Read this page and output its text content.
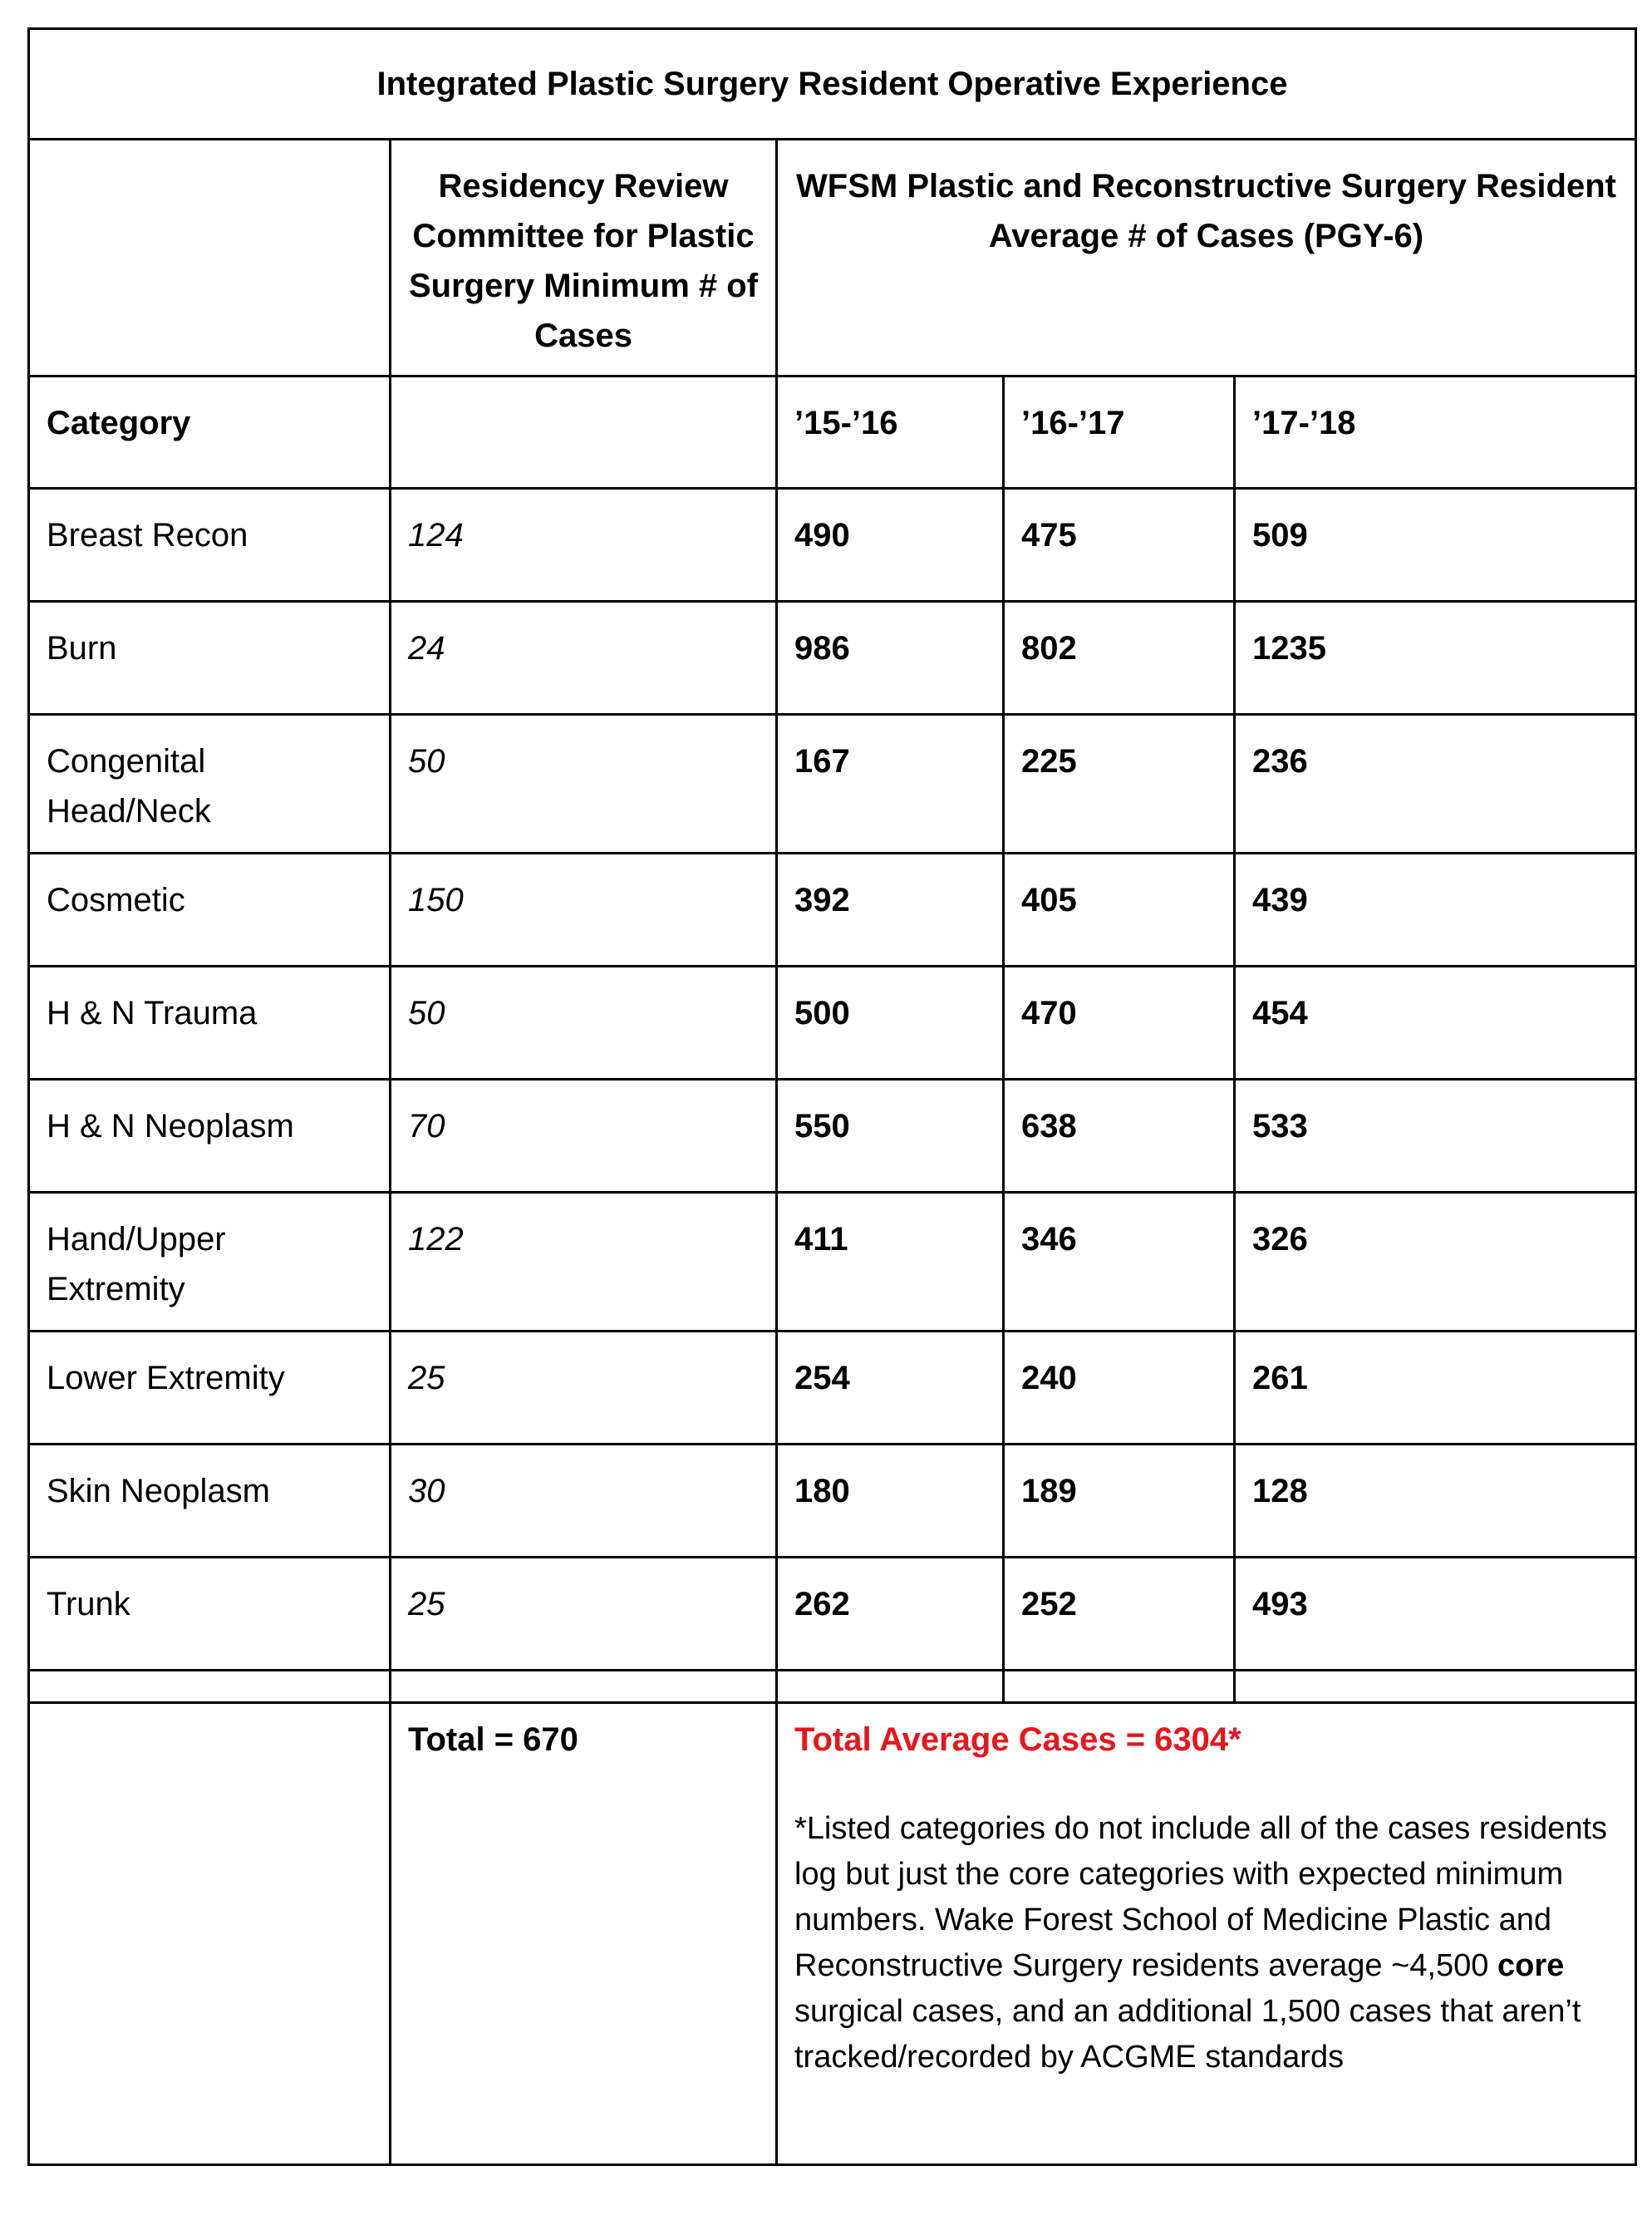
Integrated Plastic Surgery Resident Operative Experience				
	Residency Review Committee for Plastic Surgery Minimum # of Cases	WFSM Plastic and Reconstructive Surgery Resident Average # of Cases (PGY-6)		
Category		’15-’16	’16-’17	’17-’18
Breast Recon	124	490	475	509
Burn	24	986	802	1235
Congenital Head/Neck	50	167	225	236
Cosmetic	150	392	405	439
H & N Trauma	50	500	470	454
H & N Neoplasm	70	550	638	533
Hand/Upper Extremity	122	411	346	326
Lower Extremity	25	254	240	261
Skin Neoplasm	30	180	189	128
Trunk	25	262	252	493

	Total = 670	Total Average Cases = 6304*
*Listed categories do not include all of the cases residents log but just the core categories with expected minimum numbers. Wake Forest School of Medicine Plastic and Reconstructive Surgery residents average ~4,500 core surgical cases, and an additional 1,500 cases that aren’t tracked/recorded by ACGME standards		
